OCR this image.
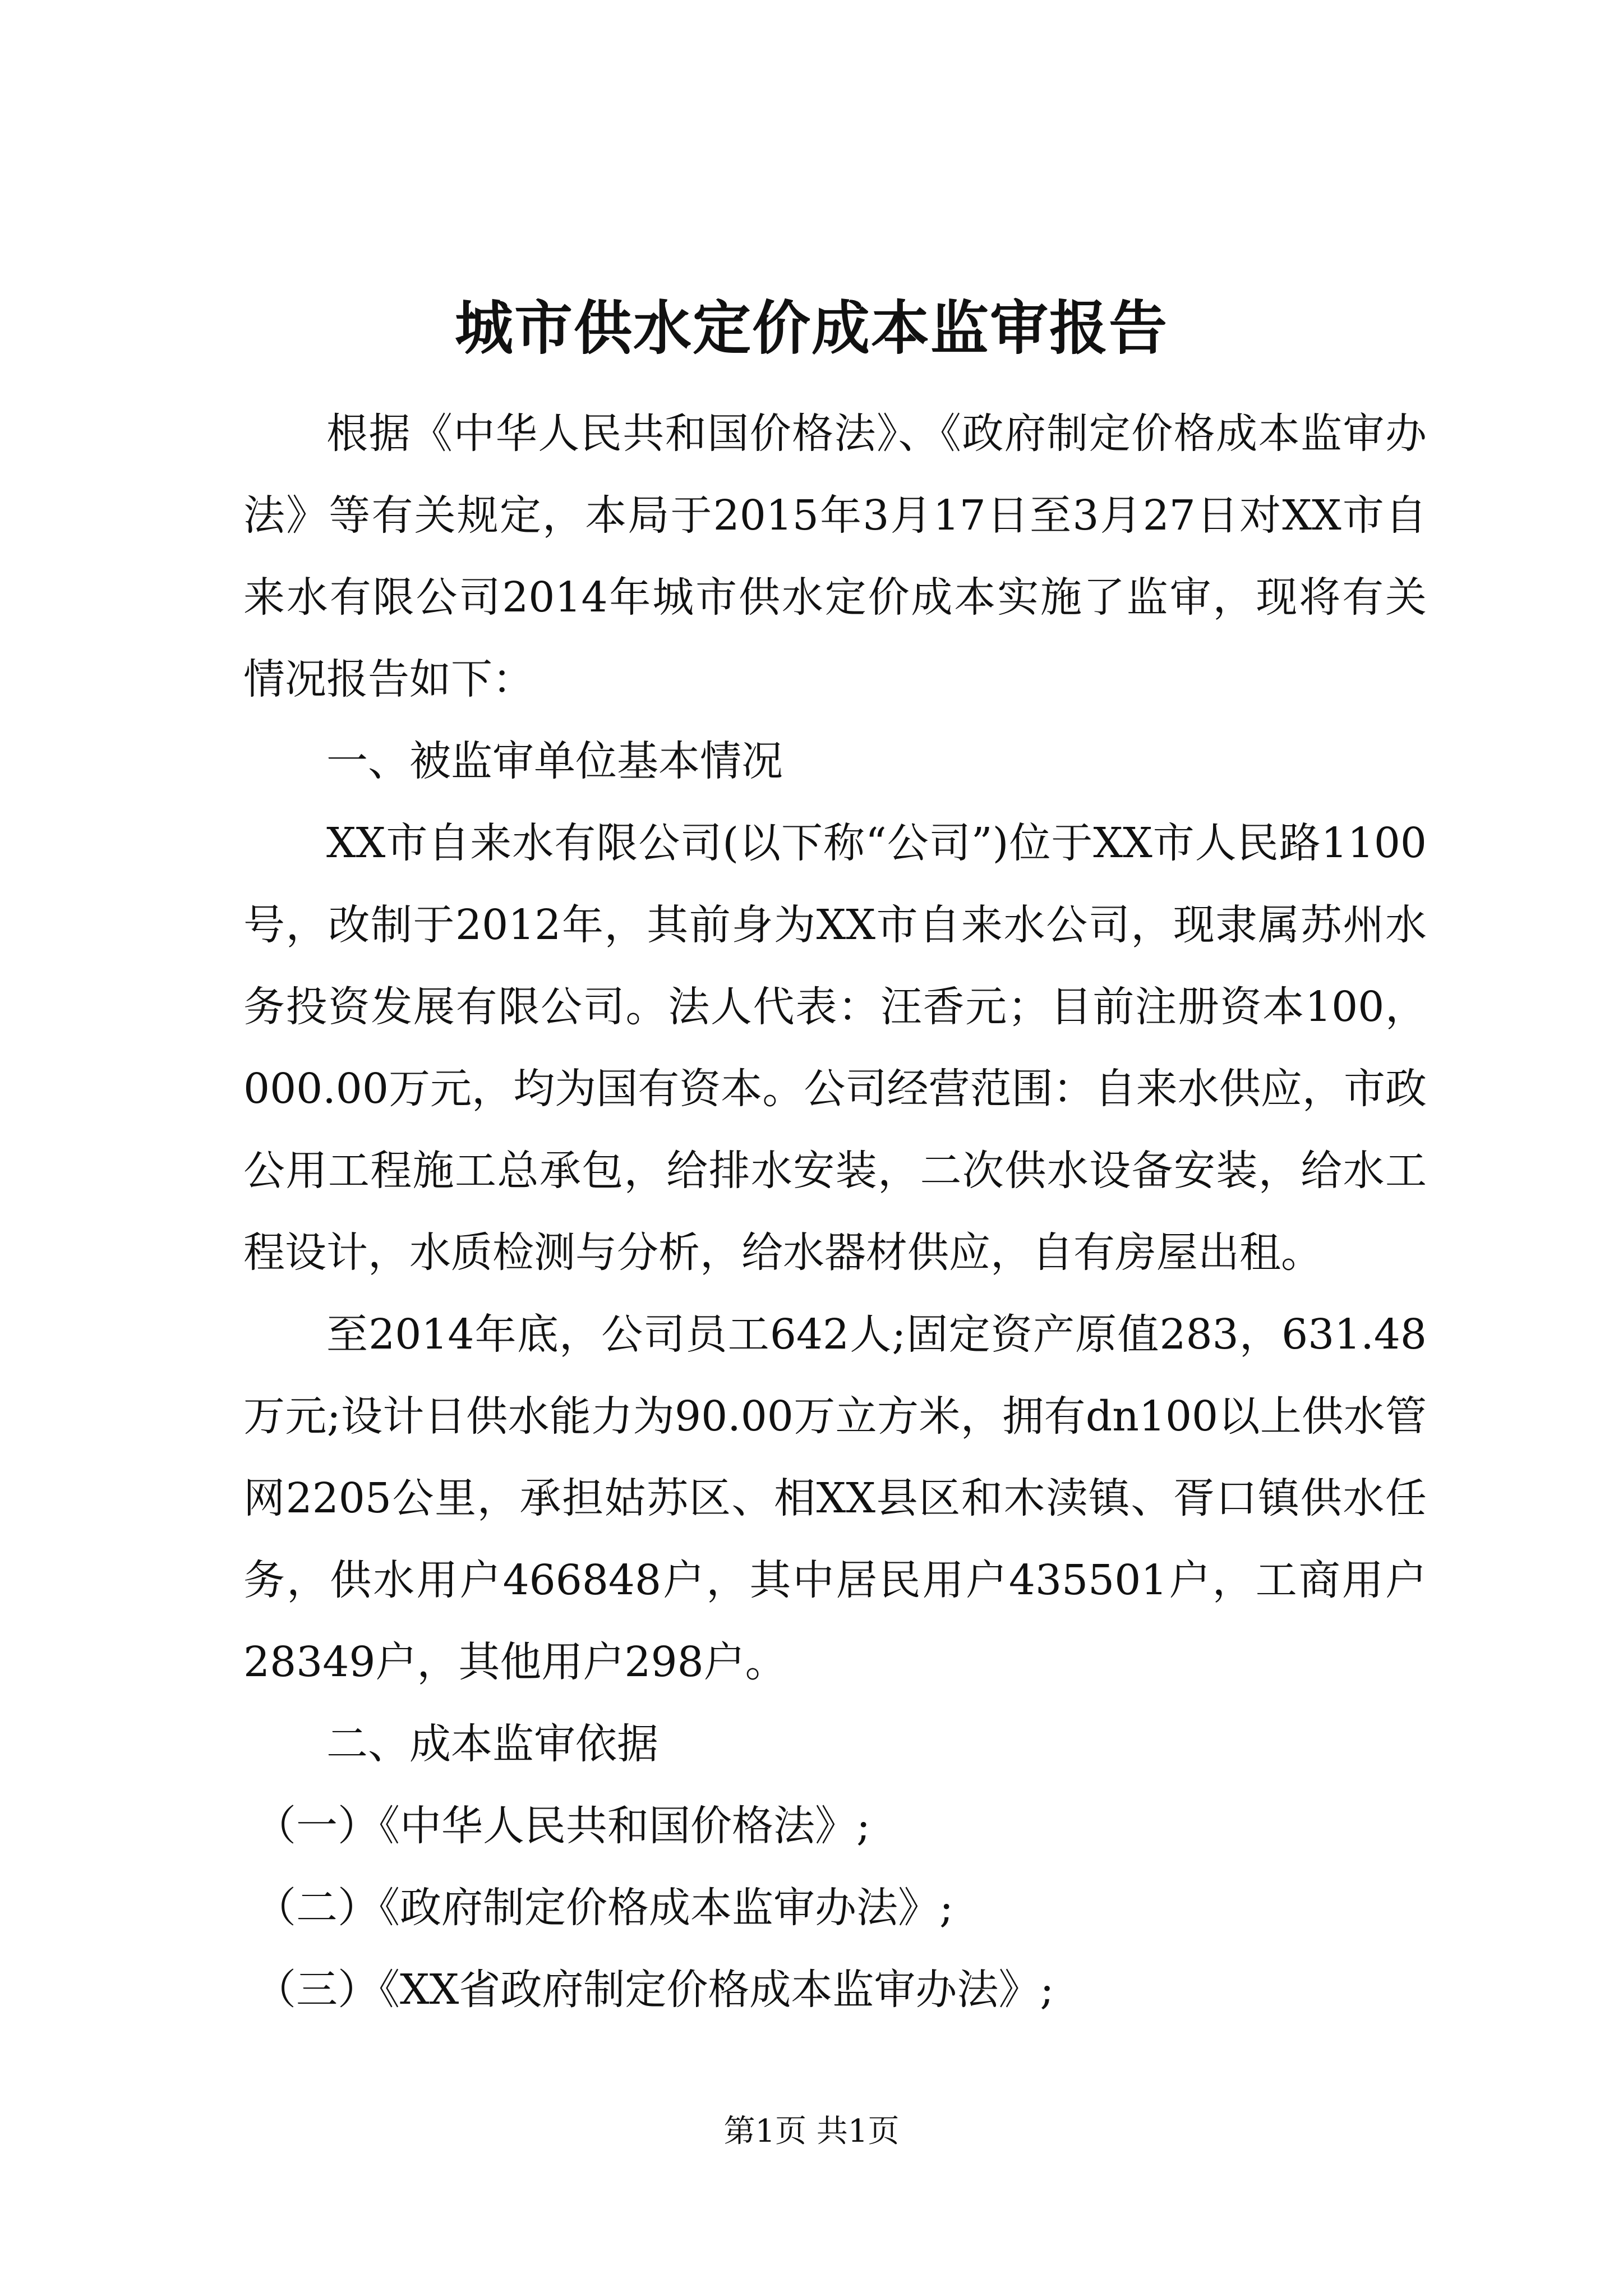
城市供水定价成本监审报告

根据《中华人民共和国价格法》、《政府制定价格成本监审办法》等有关规定，本局于2015年3月17日至3月27日对XX市自来水有限公司2014年城市供水定价成本实施了监审，现将有关情况报告如下：

一、被监审单位基本情况

XX市自来水有限公司(以下称“公司”)位于XX市人民路1100号，改制于2012年，其前身为XX市自来水公司，现隶属苏州水务投资发展有限公司。法人代表：汪香元；目前注册资本100，000.00万元，均为国有资本。公司经营范围：自来水供应，市政公用工程施工总承包，给排水安装，二次供水设备安装，给水工程设计，水质检测与分析，给水器材供应，自有房屋出租。

至2014年底，公司员工642人;固定资产原值283，631.48万元;设计日供水能力为90.00万立方米，拥有dn100以上供水管网2205公里，承担姑苏区、相XX县区和木渎镇、胥口镇供水任务，供水用户466848户，其中居民用户435501户，工商用户28349户，其他用户298户。

二、成本监审依据

（一）《中华人民共和国价格法》;

（二）《政府制定价格成本监审办法》;

（三）《XX省政府制定价格成本监审办法》;

第1页 共1页
